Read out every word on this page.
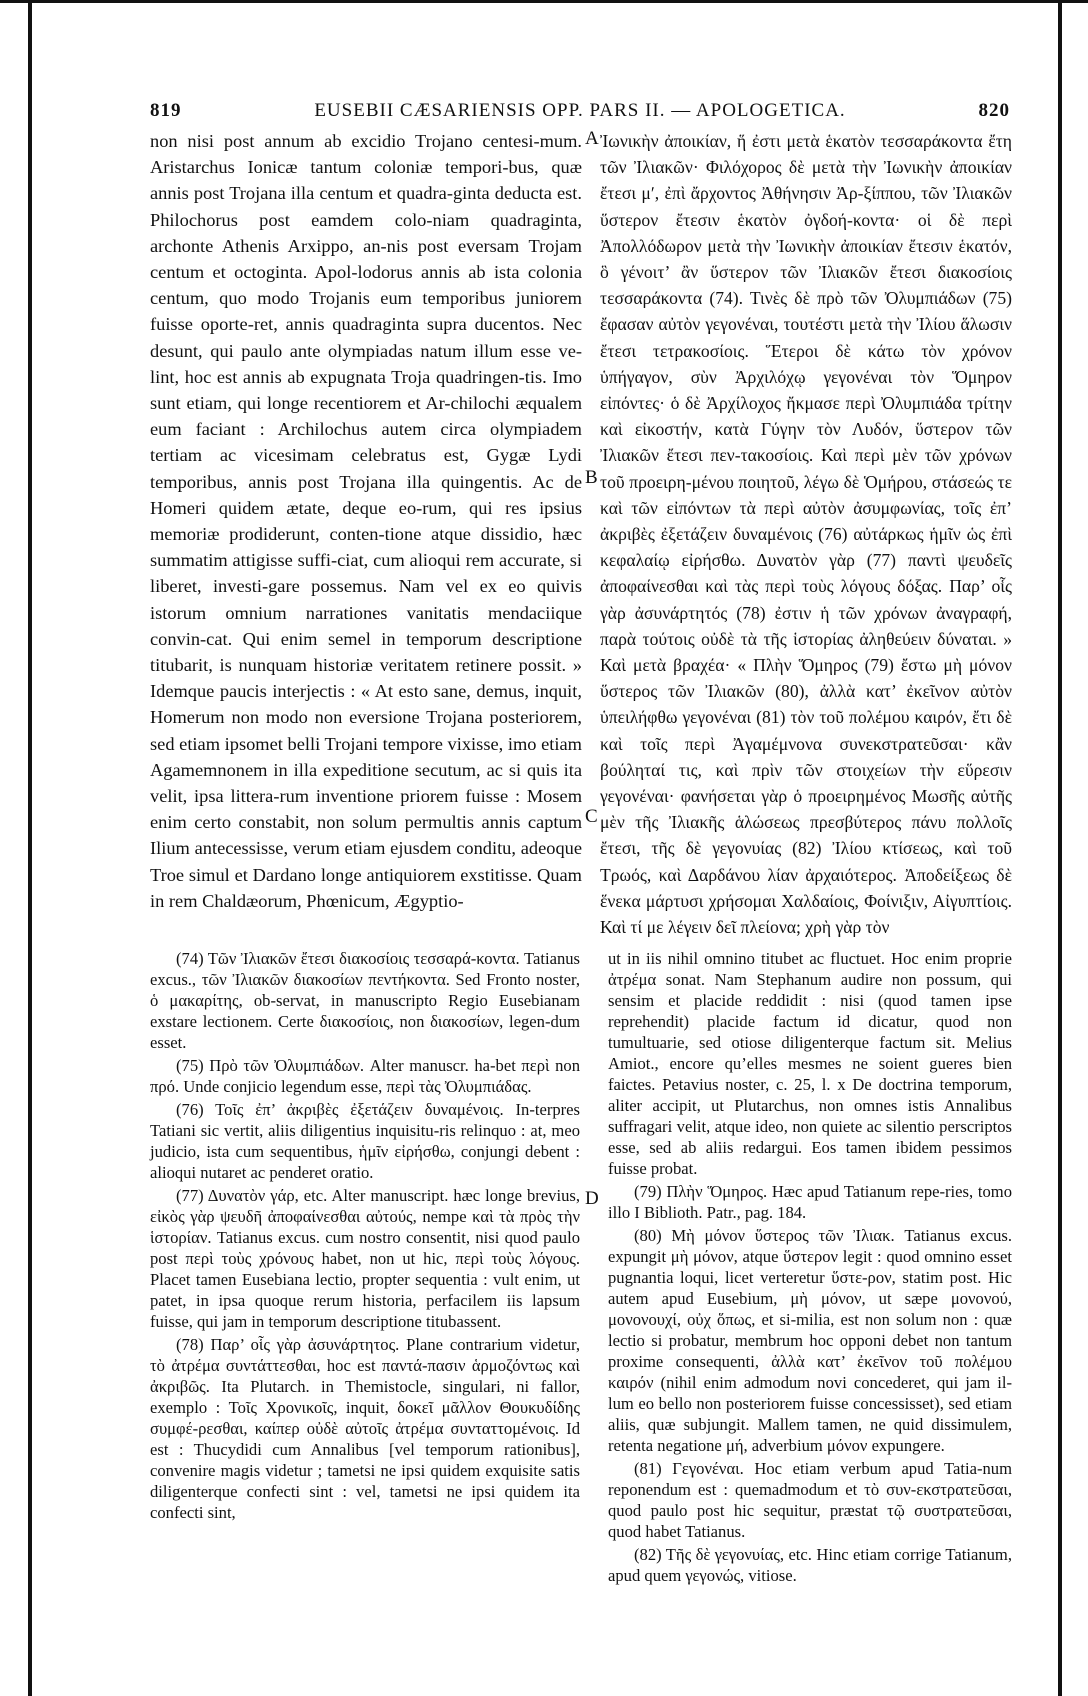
819	EUSEBII CÆSARIENSIS OPP. PARS II. — APOLOGETICA.	820
A
B
C
D

non nisi post annum ab excidio Trojano centesi-mum. Aristarchus Ionicæ tantum coloniæ tempori-bus, quæ annis post Trojana illa centum et quadra-ginta deducta est. Philochorus post eamdem colo-niam quadraginta, archonte Athenis Arxippo, an-nis post eversam Trojam centum et octoginta. Apol-lodorus annis ab ista colonia centum, quo modo Trojanis eum temporibus juniorem fuisse oporte-ret, annis quadraginta supra ducentos. Nec desunt, qui paulo ante olympiadas natum illum esse ve-lint, hoc est annis ab expugnata Troja quadringen-tis. Imo sunt etiam, qui longe recentiorem et Ar-chilochi æqualem eum faciant : Archilochus autem circa olympiadem tertiam ac vicesimam celebratus est, Gygæ Lydi temporibus, annis post Trojana illa quingentis. Ac de Homeri quidem ætate, deque eo-rum, qui res ipsius memoriæ prodiderunt, conten-tione atque dissidio, hæc summatim attigisse suffi-ciat, cum alioqui rem accurate, si liberet, investi-gare possemus. Nam vel ex eo quivis istorum omnium narrationes vanitatis mendaciique convin-cat. Qui enim semel in temporum descriptione titubarit, is nunquam historiæ veritatem retinere possit. » Idemque paucis interjectis : « At esto sane, demus, inquit, Homerum non modo non eversione Trojana posteriorem, sed etiam ipsomet belli Trojani tempore vixisse, imo etiam Agamemnonem in illa expeditione secutum, ac si quis ita velit, ipsa littera-rum inventione priorem fuisse : Mosem enim certo constabit, non solum permultis annis captum Ilium antecessisse, verum etiam ejusdem conditu, adeoque Troe simul et Dardano longe antiquiorem exstitisse. Quam in rem Chaldæorum, Phœnicum, Ægyptio-

Ἰωνικὴν ἀποικίαν, ἥ ἐστι μετὰ ἑκατὸν τεσσαράκοντα ἔτη τῶν Ἰλιακῶν· Φιλόχορος δὲ μετὰ τὴν Ἰωνικὴν ἀποικίαν ἔτεσι μʹ, ἐπὶ ἄρχοντος Ἀθήνησιν Ἀρ-ξίππου, τῶν Ἰλιακῶν ὕστερον ἔτεσιν ἑκατὸν ὀγδοή-κοντα· οἱ δὲ περὶ Ἀπολλόδωρον μετὰ τὴν Ἰωνικὴν ἀποικίαν ἔτεσιν ἑκατόν, ὃ γένοιτ’ ἂν ὕστερον τῶν Ἰλιακῶν ἔτεσι διακοσίοις τεσσαράκοντα (74). Τινὲς δὲ πρὸ τῶν Ὀλυμπιάδων (75) ἔφασαν αὐτὸν γεγονέναι, τουτέστι μετὰ τὴν Ἰλίου ἅλωσιν ἔτεσι τετρακοσίοις. Ἕτεροι δὲ κάτω τὸν χρόνον ὑπήγαγον, σὺν Ἀρχιλόχῳ γεγονέναι τὸν Ὅμηρον εἰπόντες· ὁ δὲ Ἀρχίλοχος ἤκμασε περὶ Ὀλυμπιάδα τρίτην καὶ εἰκοστήν, κατὰ Γύγην τὸν Λυδόν, ὕστερον τῶν Ἰλιακῶν ἔτεσι πεν-τακοσίοις. Καὶ περὶ μὲν τῶν χρόνων τοῦ προειρη-μένου ποιητοῦ, λέγω δὲ Ὁμήρου, στάσεώς τε καὶ τῶν εἰπόντων τὰ περὶ αὐτὸν ἀσυμφωνίας, τοῖς ἐπ’ ἀκριβὲς ἐξετάζειν δυναμένοις (76) αὐτάρκως ἡμῖν ὡς ἐπὶ κεφαλαίῳ εἰρήσθω. Δυνατὸν γὰρ (77) παντὶ ψευδεῖς ἀποφαίνεσθαι καὶ τὰς περὶ τοὺς λόγους δόξας. Παρ’ οἷς γὰρ ἀσυνάρτητός (78) ἐστιν ἡ τῶν χρόνων ἀναγραφή, παρὰ τούτοις οὐδὲ τὰ τῆς ἱστορίας ἀληθεύειν δύναται. » Καὶ μετὰ βραχέα· « Πλὴν Ὅμηρος (79) ἔστω μὴ μόνον ὕστερος τῶν Ἰλιακῶν (80), ἀλλὰ κατ’ ἐκεῖνον αὐτὸν ὑπειλήφθω γεγονέναι (81) τὸν τοῦ πολέμου καιρόν, ἔτι δὲ καὶ τοῖς περὶ Ἀγαμέμνονα συνεκστρατεῦσαι· κἂν βούληταί τις, καὶ πρὶν τῶν στοιχείων τὴν εὕρεσιν γεγονέναι· φανήσεται γὰρ ὁ προειρημένος Μωσῆς αὐτῆς μὲν τῆς Ἰλιακῆς ἁλώσεως πρεσβύτερος πάνυ πολλοῖς ἔτεσι, τῆς δὲ γεγονυίας (82) Ἰλίου κτίσεως, καὶ τοῦ Τρωός, καὶ Δαρδάνου λίαν ἀρχαιότερος. Ἀποδείξεως δὲ ἕνεκα μάρτυσι χρήσομαι Χαλδαίοις, Φοίνιξιν, Αἰγυπτίοις. Καὶ τί με λέγειν δεῖ πλείονα; χρὴ γὰρ τὸν

(74) Τῶν Ἰλιακῶν ἔτεσι διακοσίοις τεσσαρά-κοντα. Tatianus excus., τῶν Ἰλιακῶν διακοσίων πεντήκοντα. Sed Fronto noster, ὁ μακαρίτης, ob-servat, in manuscripto Regio Eusebianam exstare lectionem. Certe διακοσίοις, non διακοσίων, legen-dum esset.

(75) Πρὸ τῶν Ὀλυμπιάδων. Alter manuscr. ha-bet περὶ non πρό. Unde conjicio legendum esse, περὶ τὰς Ὀλυμπιάδας.

(76) Τοῖς ἐπ’ ἀκριβὲς ἐξετάζειν δυναμένοις. In-terpres Tatiani sic vertit, aliis diligentius inquisitu-ris relinquo : at, meo judicio, ista cum sequentibus, ἡμῖν εἰρήσθω, conjungi debent : alioqui nutaret ac penderet oratio.

(77) Δυνατὸν γάρ, etc. Alter manuscript. hæc longe brevius, εἰκὸς γὰρ ψευδῆ ἀποφαίνεσθαι αὐτούς, nempe καὶ τὰ πρὸς τὴν ἱστορίαν. Tatianus excus. cum nostro consentit, nisi quod paulo post περὶ τοὺς χρόνους habet, non ut hic, περὶ τοὺς λόγους. Placet tamen Eusebiana lectio, propter sequentia : vult enim, ut patet, in ipsa quoque rerum historia, perfacilem iis lapsum fuisse, qui jam in temporum descriptione titubassent.

(78) Παρ’ οἷς γὰρ ἀσυνάρτητος. Plane contrarium videtur, τὸ ἀτρέμα συντάττεσθαι, hoc est παντά-πασιν ἁρμοζόντως καὶ ἀκριβῶς. Ita Plutarch. in Themistocle, singulari, ni fallor, exemplo : Τοῖς Χρονικοῖς, inquit, δοκεῖ μᾶλλον Θουκυδίδης συμφέ-ρεσθαι, καίπερ οὐδὲ αὐτοῖς ἀτρέμα συνταττομένοις. Id est : Thucydidi cum Annalibus [vel temporum rationibus], convenire magis videtur ; tametsi ne ipsi quidem exquisite satis diligenterque confecti sint : vel, tametsi ne ipsi quidem ita confecti sint,

ut in iis nihil omnino titubet ac fluctuet. Hoc enim proprie ἀτρέμα sonat. Nam Stephanum audire non possum, qui sensim et placide reddidit : nisi (quod tamen ipse reprehendit) placide factum id dicatur, quod non tumultuarie, sed otiose diligenterque factum sit. Melius Amiot., encore qu’elles mesmes ne soient gueres bien faictes. Petavius noster, c. 25, l. x De doctrina temporum, aliter accipit, ut Plutarchus, non omnes istis Annalibus suffragari velit, atque ideo, non quiete ac silentio perscriptos esse, sed ab aliis redargui. Eos tamen ibidem pessimos fuisse probat.

(79) Πλὴν Ὅμηρος. Hæc apud Tatianum repe-ries, tomo illo I Biblioth. Patr., pag. 184.

(80) Μὴ μόνον ὕστερος τῶν Ἰλιακ. Tatianus excus. expungit μὴ μόνον, atque ὕστερον legit : quod omnino esset pugnantia loqui, licet verteretur ὕστε-ρον, statim post. Hic autem apud Eusebium, μὴ μόνον, ut sæpe μονονού, μονονουχί, οὐχ ὅπως, et si-milia, est non solum non : quæ lectio si probatur, membrum hoc opponi debet non tantum proxime consequenti, ἀλλὰ κατ’ ἐκεῖνον τοῦ πολέμου καιρόν (nihil enim admodum novi concederet, qui jam il-lum eo bello non posteriorem fuisse concessisset), sed etiam aliis, quæ subjungit. Mallem tamen, ne quid dissimulem, retenta negatione μή, adverbium μόνον expungere.

(81) Γεγονέναι. Hoc etiam verbum apud Tatia-num reponendum est : quemadmodum et τὸ συν-εκστρατεῦσαι, quod paulo post hic sequitur, præstat τῷ συστρατεῦσαι, quod habet Tatianus.

(82) Τῆς δὲ γεγονυίας, etc. Hinc etiam corrige Tatianum, apud quem γεγονώς, vitiose.
